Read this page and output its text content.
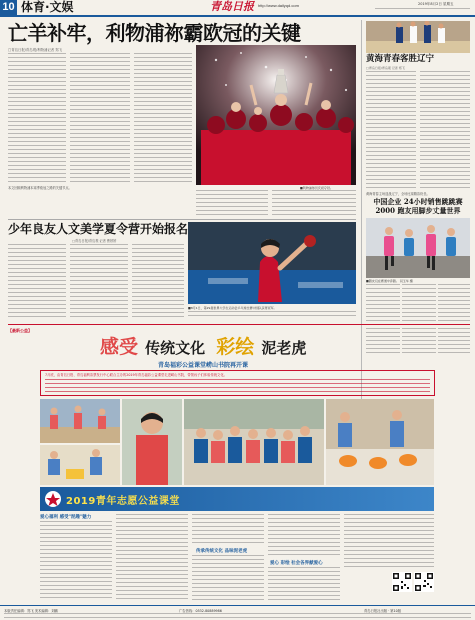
10 体育·文娱	青岛日报 http://www.dailyqd.com	2019年8月2日 星期五
亡羊补牢，利物浦祢霸欧冠的关键
□青岛日报/青岛观/利物浦记者 郑飞
本文回顾利物浦本赛季欧冠之路的关键节点。	■利物浦球员庆祝夺冠。
黄海青春客胜辽宁
□青岛日报/青岛观 记者 郑飞
黄海青春主场迎战辽宁，全场比赛精彩纷呈。
中国企业 24小时销售跳跳赛 2000 跑友用脚步丈量世界
■跑友们在赛道中奔跑。 闫玉华 摄
少年良友人文美学夏令营开始报名
□青岛日报/青岛观 记者 曹婷婷
■8月1日，第29届世界大学生运动会乒乓球比赛中国队获得冠军。
【最新公益】
感受 传统文化 彩绘 泥老虎
青岛福彩公益课堂崂山书院再开课
7月底，由青岛日报、青岛福利彩票发行中心联合主办的2019年青岛福彩公益课堂走进崂山书院，带领孩子们体验传统文化。
2019青年志愿公益课堂
爱心福利 感受"泥趣"魅力
传承传统文化 品味泥老虎
爱心 彩绘 社会各界献爱心
本版责任编辑：郑飞 美术编辑：刘鹏	广告热线：0532-80889986	青岛日报社出版 · 第10版
